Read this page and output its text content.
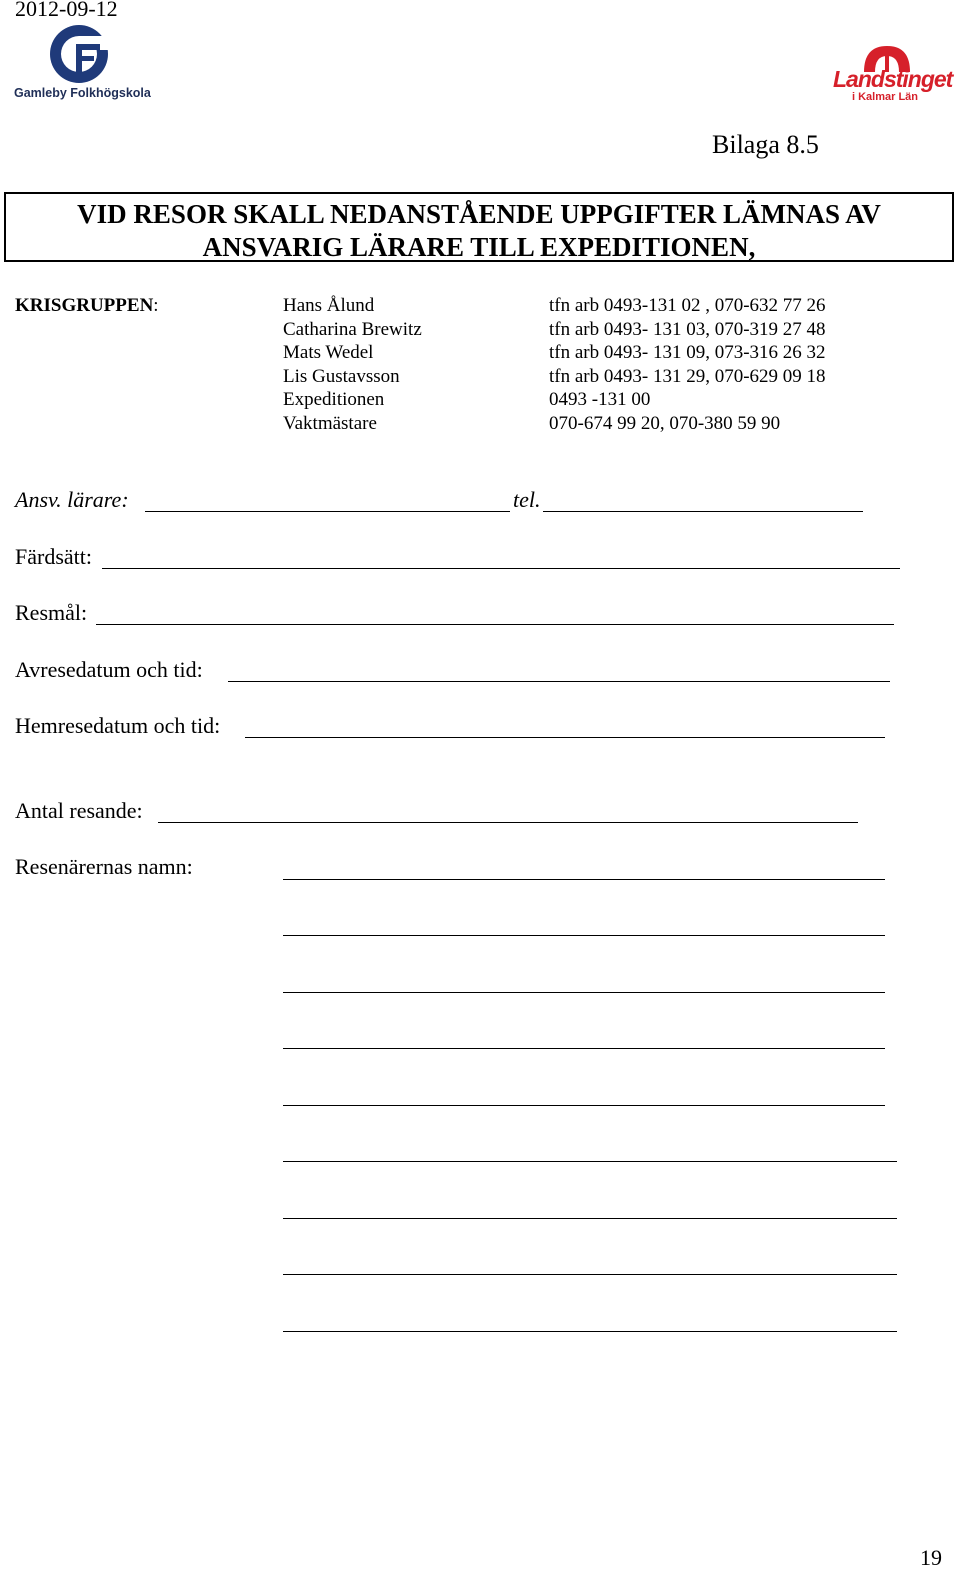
2012-09-12
Gamleby Folkhögskola
Landstinget
i Kalmar Län
Bilaga 8.5
VID RESOR SKALL NEDANSTÅENDE UPPGIFTER LÄMNAS AV
ANSVARIG LÄRARE TILL EXPEDITIONEN,
KRISGRUPPEN:	Hans Ålund	tfn arb 0493-131 02 , 070-632 77 26
Catharina Brewitz	tfn arb 0493- 131 03, 070-319 27 48
Mats Wedel	tfn arb 0493- 131 09, 073-316 26 32
Lis Gustavsson	tfn arb 0493- 131 29, 070-629 09 18
Expeditionen	0493 -131 00
Vaktmästare	070-674 99 20, 070-380 59 90
Ansv. lärare:	tel.
Färdsätt:
Resmål:
Avresedatum och tid:
Hemresedatum och tid:
Antal resande:
Resenärernas namn:
19
